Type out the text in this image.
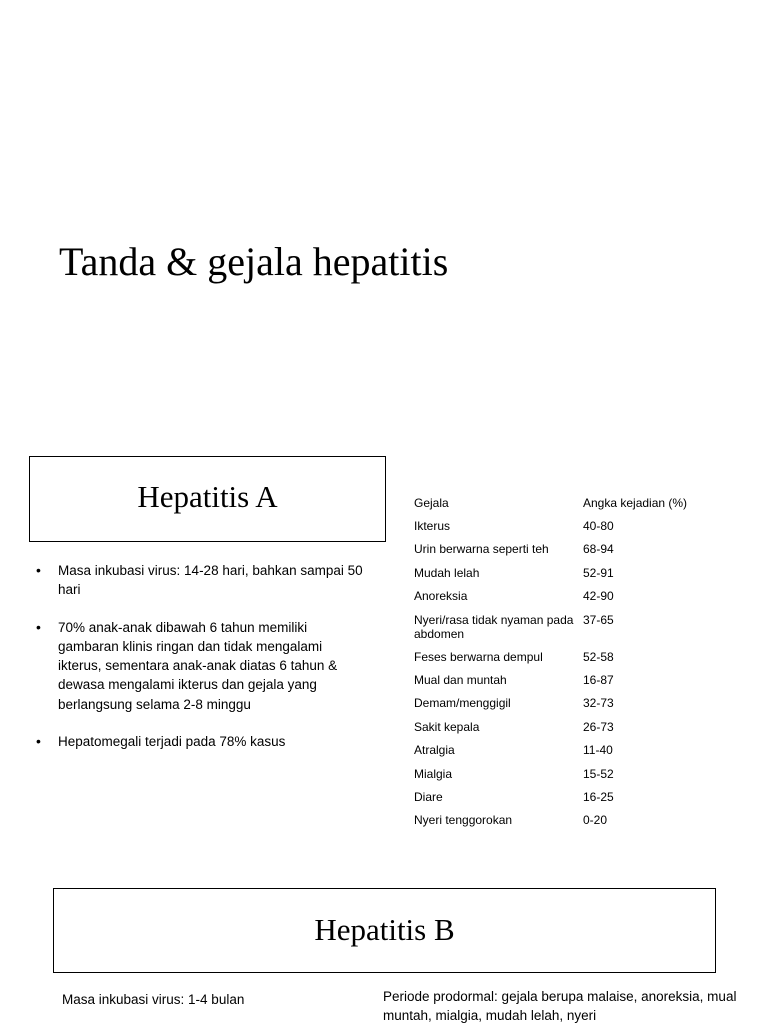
Tanda & gejala hepatitis
Hepatitis A
• Masa inkubasi virus: 14-28 hari, bahkan sampai 50 hari
• 70% anak-anak dibawah 6 tahun memiliki gambaran klinis ringan dan tidak mengalami ikterus, sementara anak-anak diatas 6 tahun & dewasa mengalami ikterus dan gejala yang berlangsung selama 2-8 minggu
• Hepatomegali terjadi pada 78% kasus
Gejala	Angka kejadian (%)
Ikterus	40-80
Urin berwarna seperti teh	68-94
Mudah lelah	52-91
Anoreksia	42-90
Nyeri/rasa tidak nyaman pada abdomen	37-65
Feses berwarna dempul	52-58
Mual dan muntah	16-87
Demam/menggigil	32-73
Sakit kepala	26-73
Atralgia	11-40
Mialgia	15-52
Diare	16-25
Nyeri tenggorokan	0-20
Hepatitis B
Masa inkubasi virus: 1-4 bulan	Periode prodormal: gejala berupa malaise, anoreksia, mual muntah, mialgia, mudah lelah, nyeri
